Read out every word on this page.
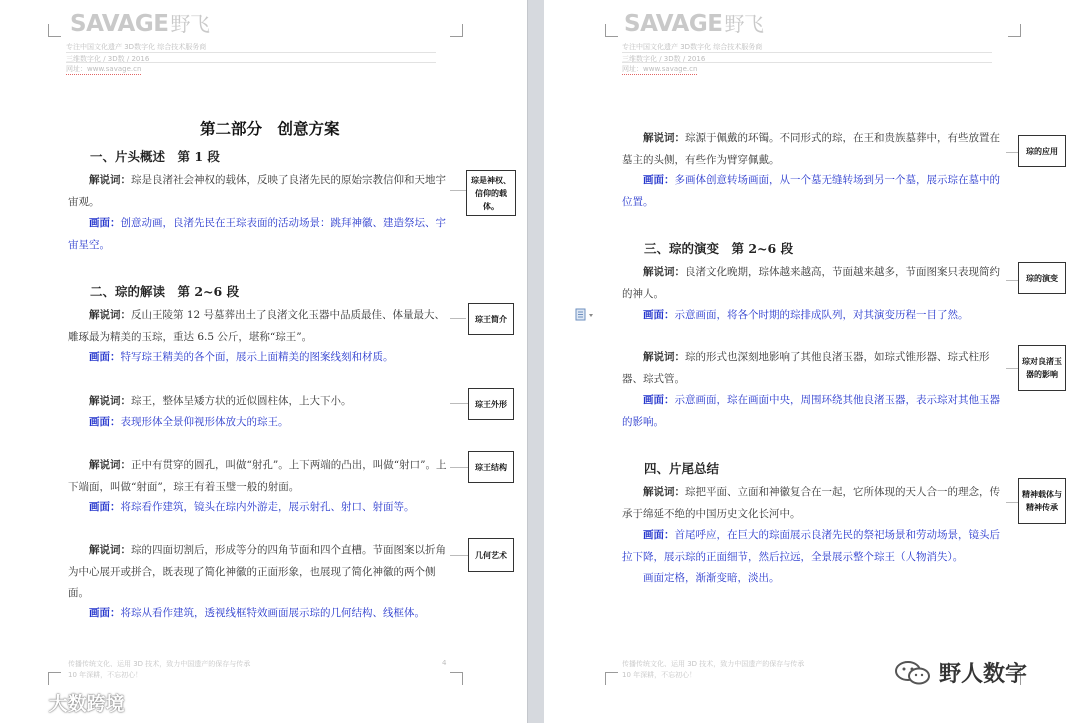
SAVAGE 野飞
专注中国文化遗产 3D数字化 综合技术服务商
三维数字化 / 3D数 / 2016
网址：www.savage.cn
第二部分　创意方案
一、片头概述　第 1 段
解说词：琮是良渚社会神权的载体，反映了良渚先民的原始宗教信仰和天地宇宙观。
画面：创意动画，良渚先民在王琮表面的活动场景：跳拜神徽、建造祭坛、宇宙星空。
二、琮的解读　第 2~6 段
解说词：反山王陵第 12 号墓葬出土了良渚文化玉器中品质最佳、体量最大、雕琢最为精美的玉琮，重达 6.5 公斤，堪称“琮王”。
画面：特写琮王精美的各个面，展示上面精美的图案线刻和材质。
解说词：琮王，整体呈矮方状的近似圆柱体，上大下小。
画面：表现形体全景仰视形体放大的琮王。
解说词：正中有贯穿的圆孔，叫做“射孔”。上下两端的凸出，叫做“射口”。上下端面，叫做“射面”，琮王有着玉璧一般的射面。
画面：将琮看作建筑，镜头在琮内外游走，展示射孔、射口、射面等。
解说词：琮的四面切割后，形成等分的四角节面和四个直槽。节面图案以折角为中心展开或拼合，既表现了简化神徽的正面形象，也展现了简化神徽的两个侧面。
画面：将琮从看作建筑，透视线框特效画面展示琮的几何结构、线框体。
琮是神权、信仰的载体。
琮王简介
琮王外形
琮王结构
几何艺术
传播传统文化、运用 3D 技术，致力中国遗产的保存与传承
10 年深耕，不忘初心！
4
SAVAGE 野飞
专注中国文化遗产 3D数字化 综合技术服务商
三维数字化 / 3D数 / 2016
网址：www.savage.cn
解说词：琮源于佩戴的环镯。不同形式的琮，在王和贵族墓葬中，有些放置在墓主的头侧，有些作为臂穿佩戴。
画面：多画体创意转场画面，从一个墓无缝转场到另一个墓，展示琮在墓中的位置。
三、琮的演变　第 2~6 段
解说词：良渚文化晚期，琮体越来越高，节面越来越多，节面图案只表现简约的神人。
画面：示意画面，将各个时期的琮排成队列，对其演变历程一目了然。
解说词：琮的形式也深刻地影响了其他良渚玉器，如琮式锥形器、琮式柱形器、琮式管。
画面：示意画面，琮在画面中央，周围环绕其他良渚玉器，表示琮对其他玉器的影响。
四、片尾总结
解说词：琮把平面、立面和神徽复合在一起，它所体现的天人合一的理念，传承于绵延不绝的中国历史文化长河中。
画面：首尾呼应，在巨大的琮面展示良渚先民的祭祀场景和劳动场景，镜头后拉下降，展示琮的正面细节，然后拉远，全景展示整个琮王（人物消失）。
画面定格，渐渐变暗，淡出。
琮的应用
琮的演变
琮对良渚玉器的影响
精神载体与精神传承
传播传统文化、运用 3D 技术，致力中国遗产的保存与传承
10 年深耕，不忘初心！
大数跨境
野人数字
